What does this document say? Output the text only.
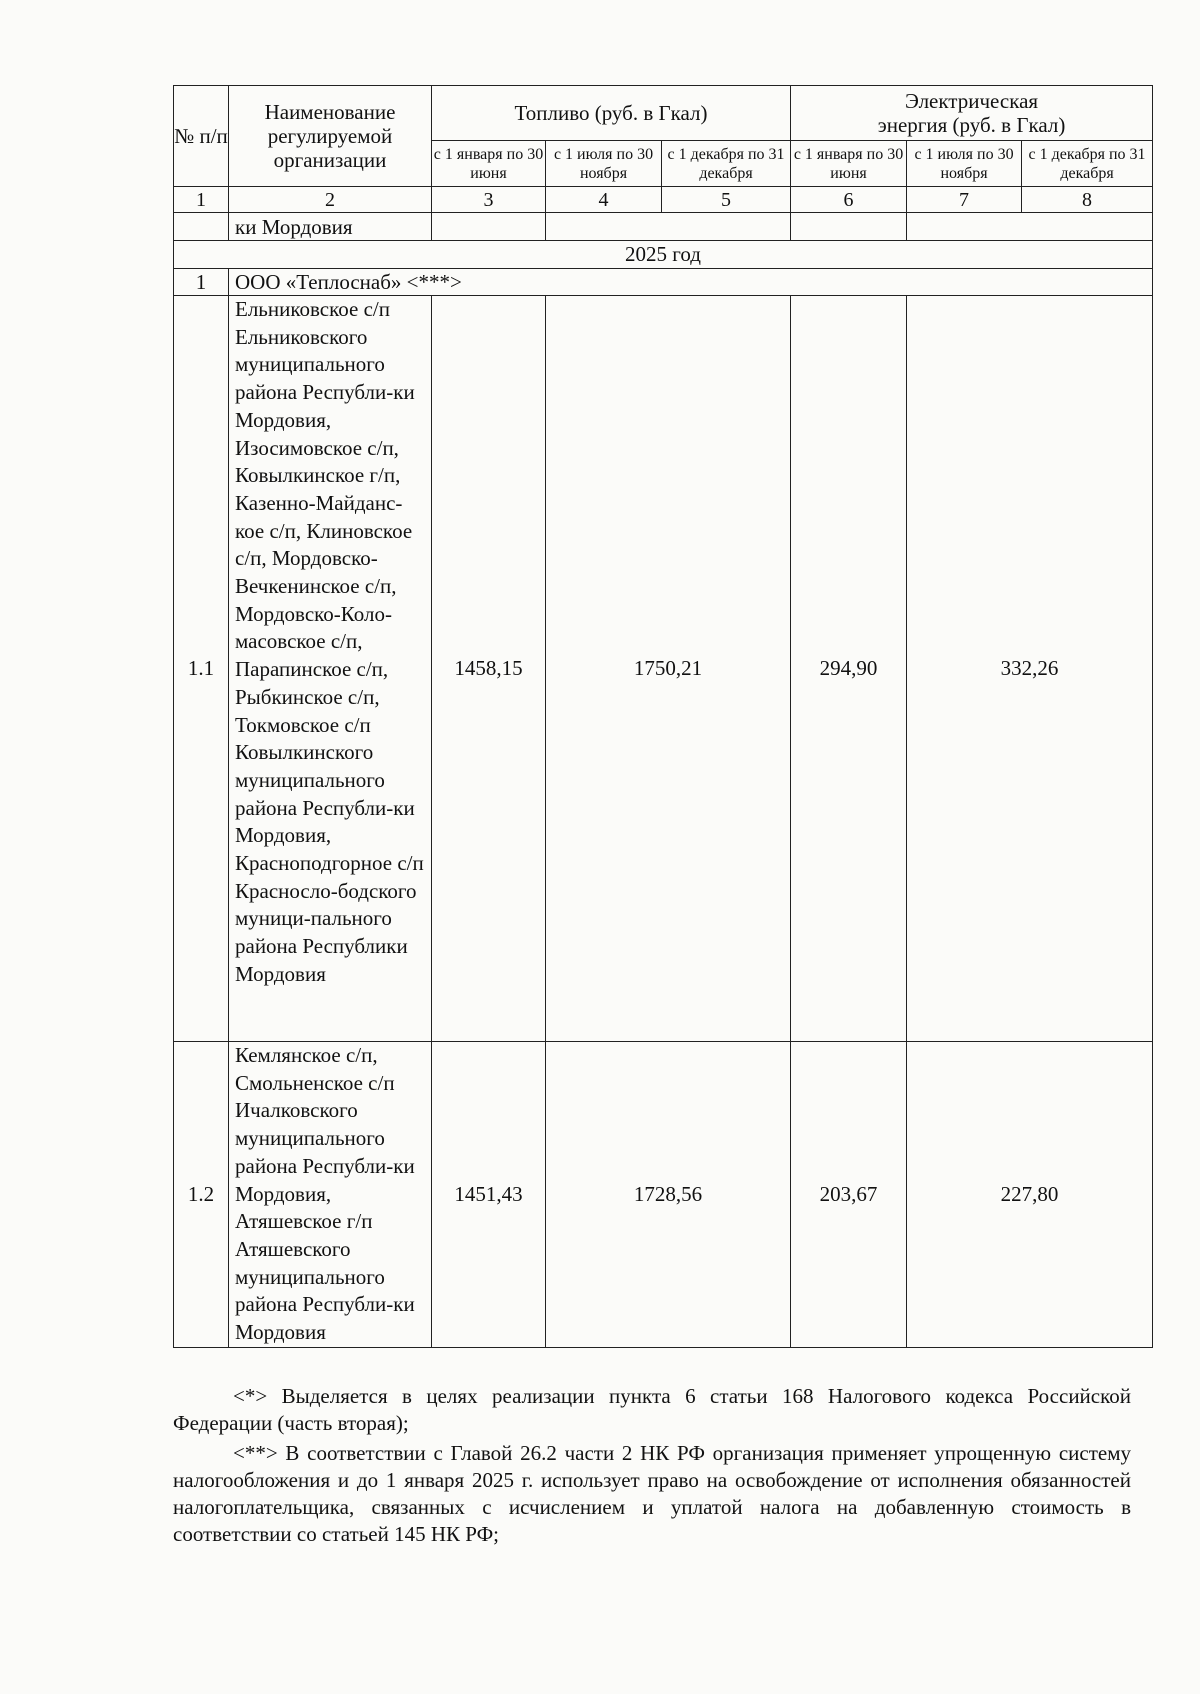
№ п/п	Наименование регулируемой организации	Топливо (руб. в Гкал)			Электрическая энергия (руб. в Гкал)		
		с 1 января по 30 июня	с 1 июля по 30 ноября	с 1 декабря по 31 декабря	с 1 января по 30 июня	с 1 июля по 30 ноября	с 1 декабря по 31 декабря
1	2	3	4	5	6	7	8
	ки Мордовия						
2025 год							
1	ООО «Теплоснаб» <***>						
1.1	Ельниковское с/п Ельниковского муниципального района Республи-ки Мордовия, Изосимовское с/п, Ковылкинское г/п, Казенно-Майданс-кое с/п, Клиновское с/п, Мордовско-Вечкенинское с/п, Мордовско-Коло-масовское с/п, Парапинское с/п, Рыбкинское с/п, Токмовское с/п Ковылкинского муниципального района Республи-ки Мордовия, Красноподгорное с/п Краснослo-бодского муници-пального района Республики Мордовия	1458,15	1750,21		294,90	332,26	
1.2	Кемлянское с/п, Смольненское с/п Ичалковского муниципального района Республи-ки Мордовия, Атяшевское г/п Атяшевского муниципального района Республи-ки Мордовия	1451,43	1728,56		203,67	227,80	

<*> Выделяется в целях реализации пункта 6 статьи 168 Налогового кодекса Российской Федерации (часть вторая);

<**> В соответствии с Главой 26.2 части 2 НК РФ организация применяет упрощенную систему налогообложения и до 1 января 2025 г. использует право на освобождение от исполнения обязанностей налогоплательщика, связанных с исчислением и уплатой налога на добавленную стоимость в соответствии со статьей 145 НК РФ;
